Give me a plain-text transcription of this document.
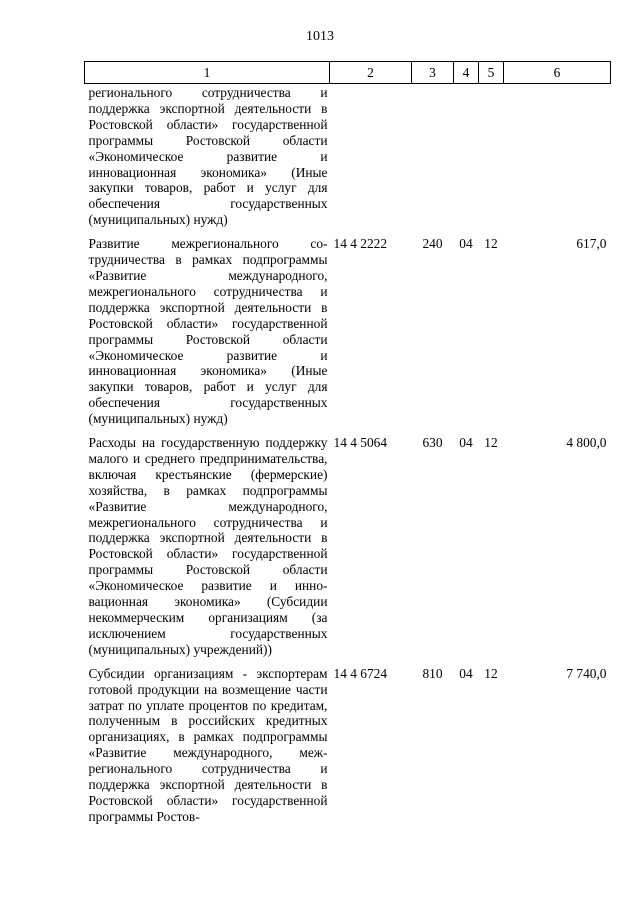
1013
1	2	3	4	5	6
регионального сотрудничества и поддержка экспортной деятельности в Ростовской области» государственной программы Ростовской области «Экономическое развитие и инновационная экономика» (Иные закупки товаров, работ и услуг для обеспечения государственных (муниципальных) нужд)					
Развитие межрегионального сотрудничества в рамках подпрограммы «Развитие международного, межрегионального сотрудничества и поддержка экспортной деятельности в Ростовской области» государственной программы Ростовской области «Экономическое развитие и инновационная экономика» (Иные закупки товаров, работ и услуг для обеспечения государственных (муниципальных) нужд)	14 4 2222	240	04	12	617,0
Расходы на государственную поддержку малого и среднего предпринимательства, включая крестьянские (фермерские) хозяйства, в рамках подпрограммы «Развитие международного, межрегионального сотрудничества и поддержка экспортной деятельности в Ростовской области» государственной программы Ростовской области «Экономическое развитие и инновационная экономика» (Субсидии некоммерческим организациям (за исключением государственных (муниципальных) учреждений))	14 4 5064	630	04	12	4 800,0
Субсидии организациям - экспортерам готовой продукции на возмещение части затрат по уплате процентов по кредитам, полученным в российских кредитных организациях, в рамках подпрограммы «Развитие международного, межрегионального сотрудничества и поддержка экспортной деятельности в Ростовской области» государственной программы Ростов-	14 4 6724	810	04	12	7 740,0
